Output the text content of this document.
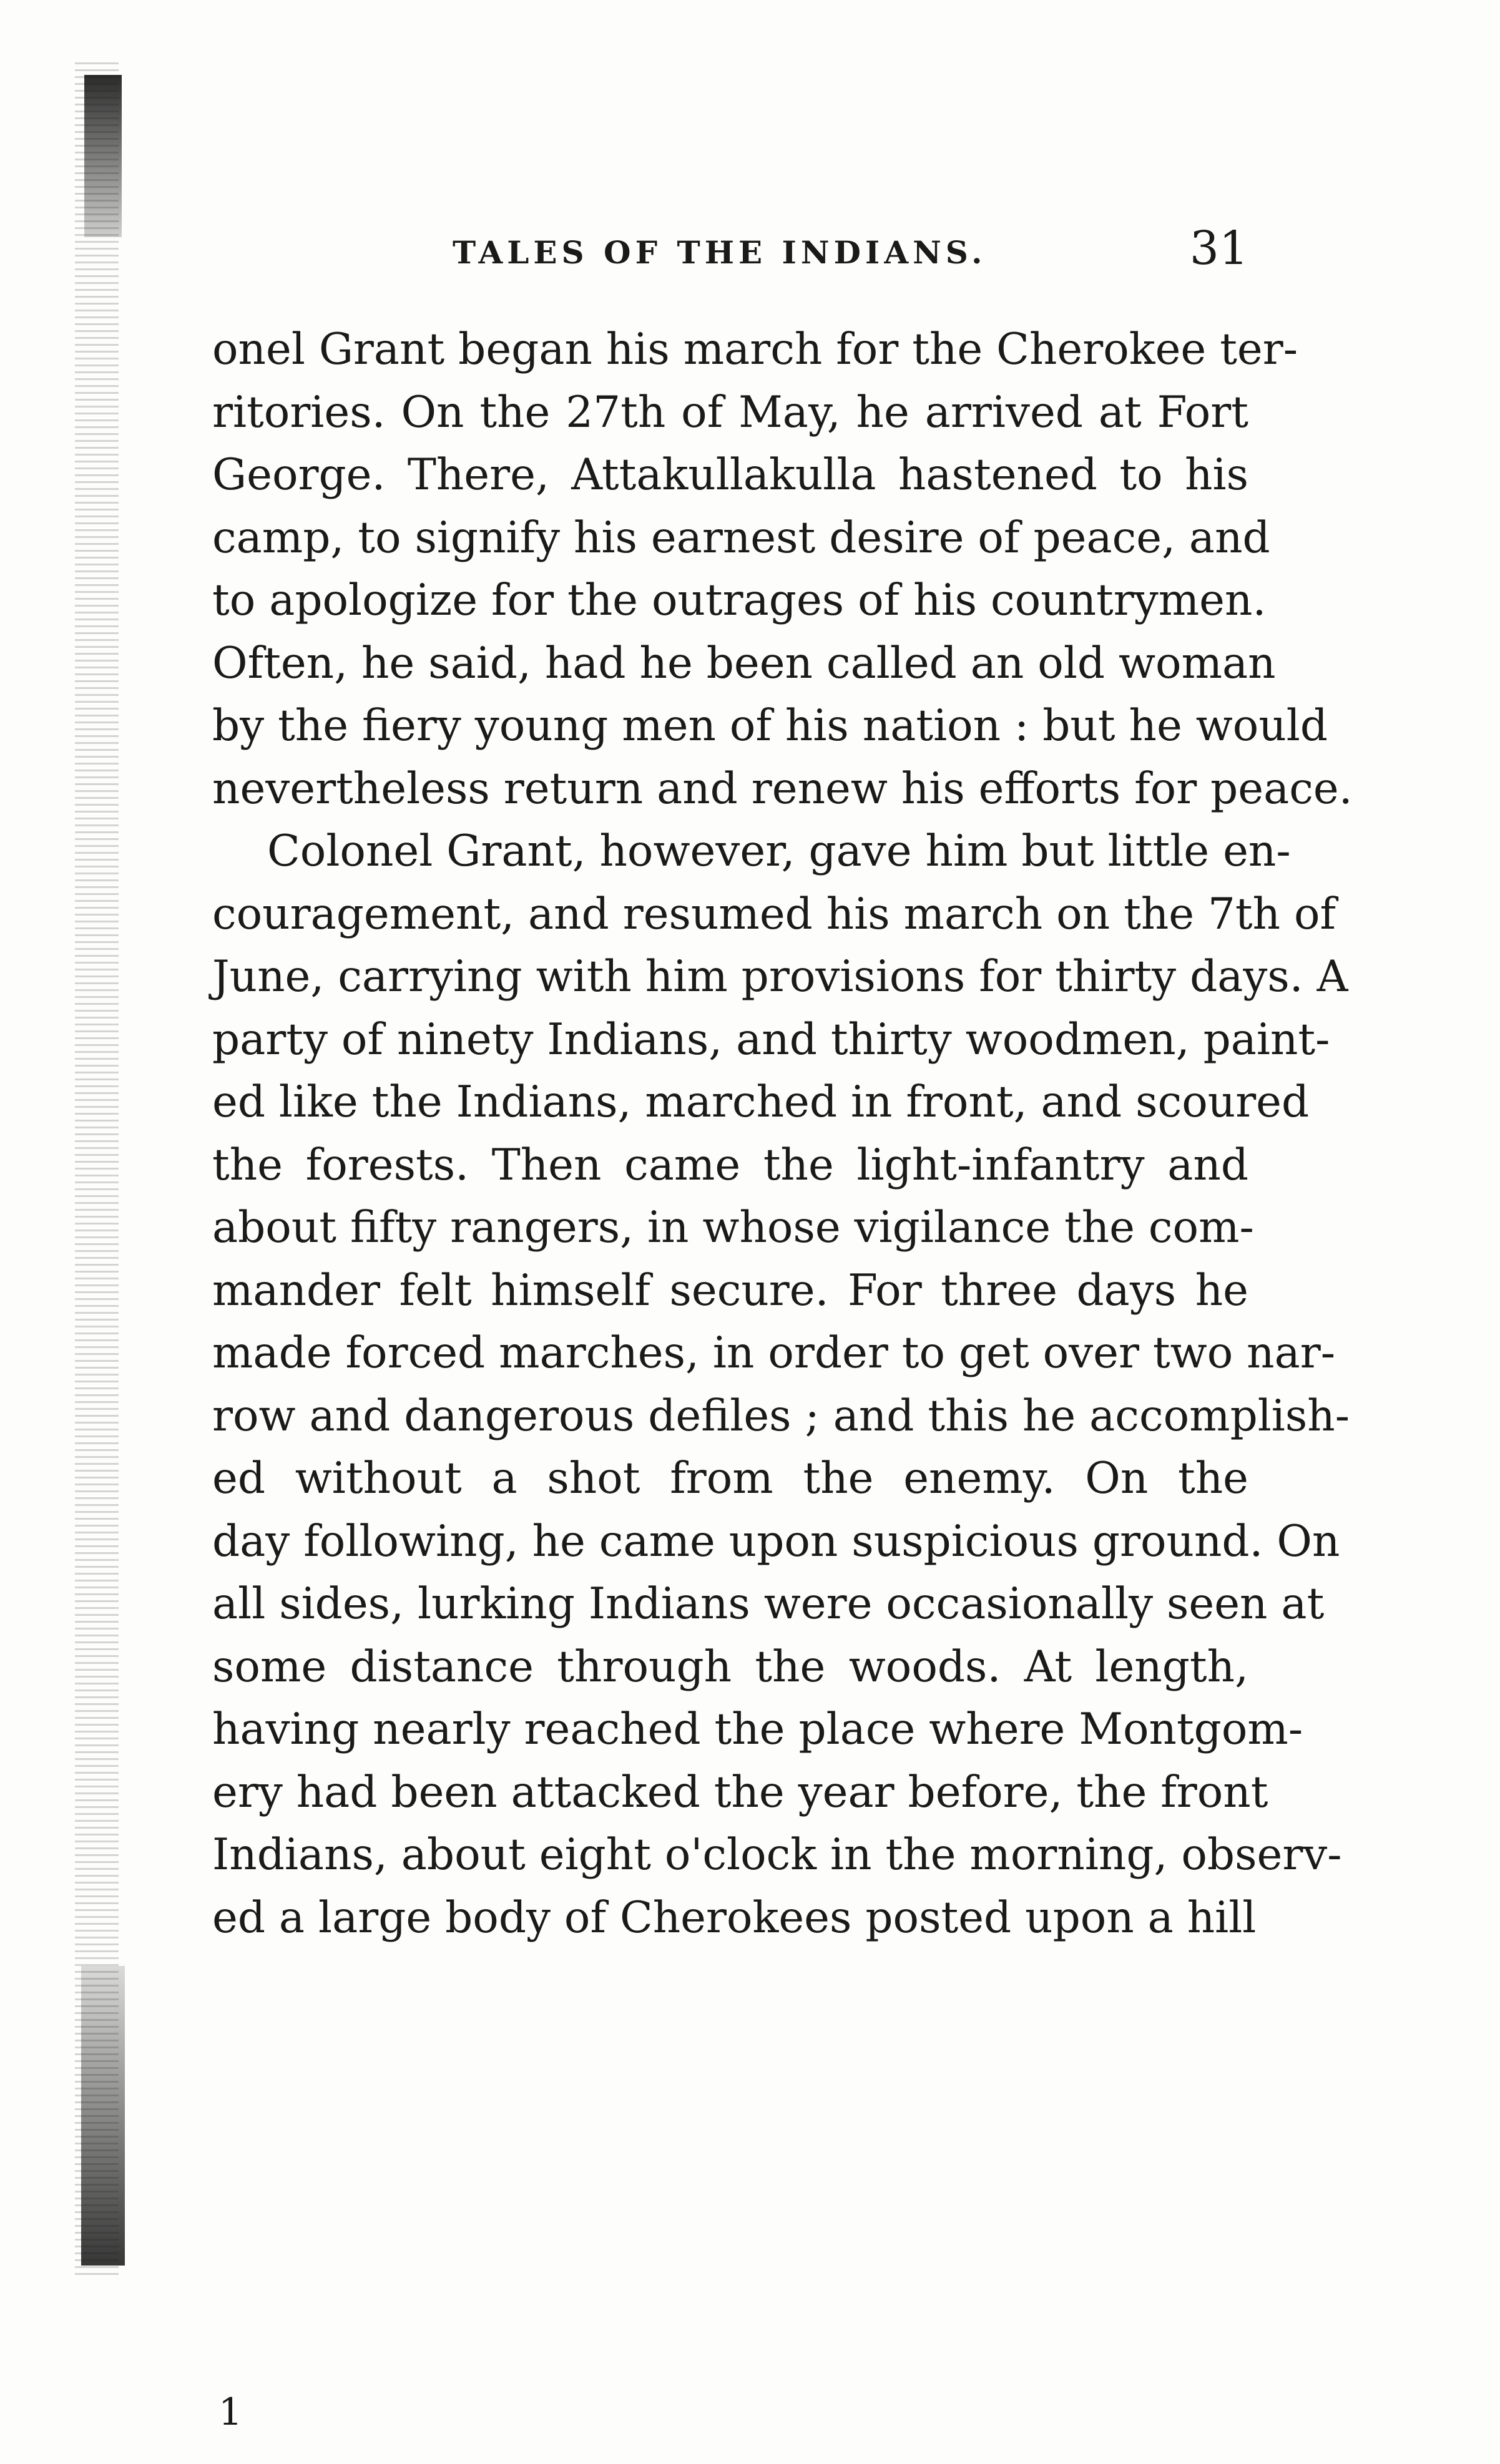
TALES OF THE INDIANS.	31
onel Grant began his march for the Cherokee ter-
ritories. On the 27th of May, he arrived at Fort
George. There, Attakullakulla hastened to his
camp, to signify his earnest desire of peace, and
to apologize for the outrages of his countrymen.
Often, he said, had he been called an old woman
by the fiery young men of his nation : but he would
nevertheless return and renew his efforts for peace.
Colonel Grant, however, gave him but little en-
couragement, and resumed his march on the 7th of
June, carrying with him provisions for thirty days. A
party of ninety Indians, and thirty woodmen, paint-
ed like the Indians, marched in front, and scoured
the forests. Then came the light-infantry and
about fifty rangers, in whose vigilance the com-
mander felt himself secure. For three days he
made forced marches, in order to get over two nar-
row and dangerous defiles ; and this he accomplish-
ed without a shot from the enemy. On the
day following, he came upon suspicious ground. On
all sides, lurking Indians were occasionally seen at
some distance through the woods. At length,
having nearly reached the place where Montgom-
ery had been attacked the year before, the front
Indians, about eight o'clock in the morning, observ-
ed a large body of Cherokees posted upon a hill
1
